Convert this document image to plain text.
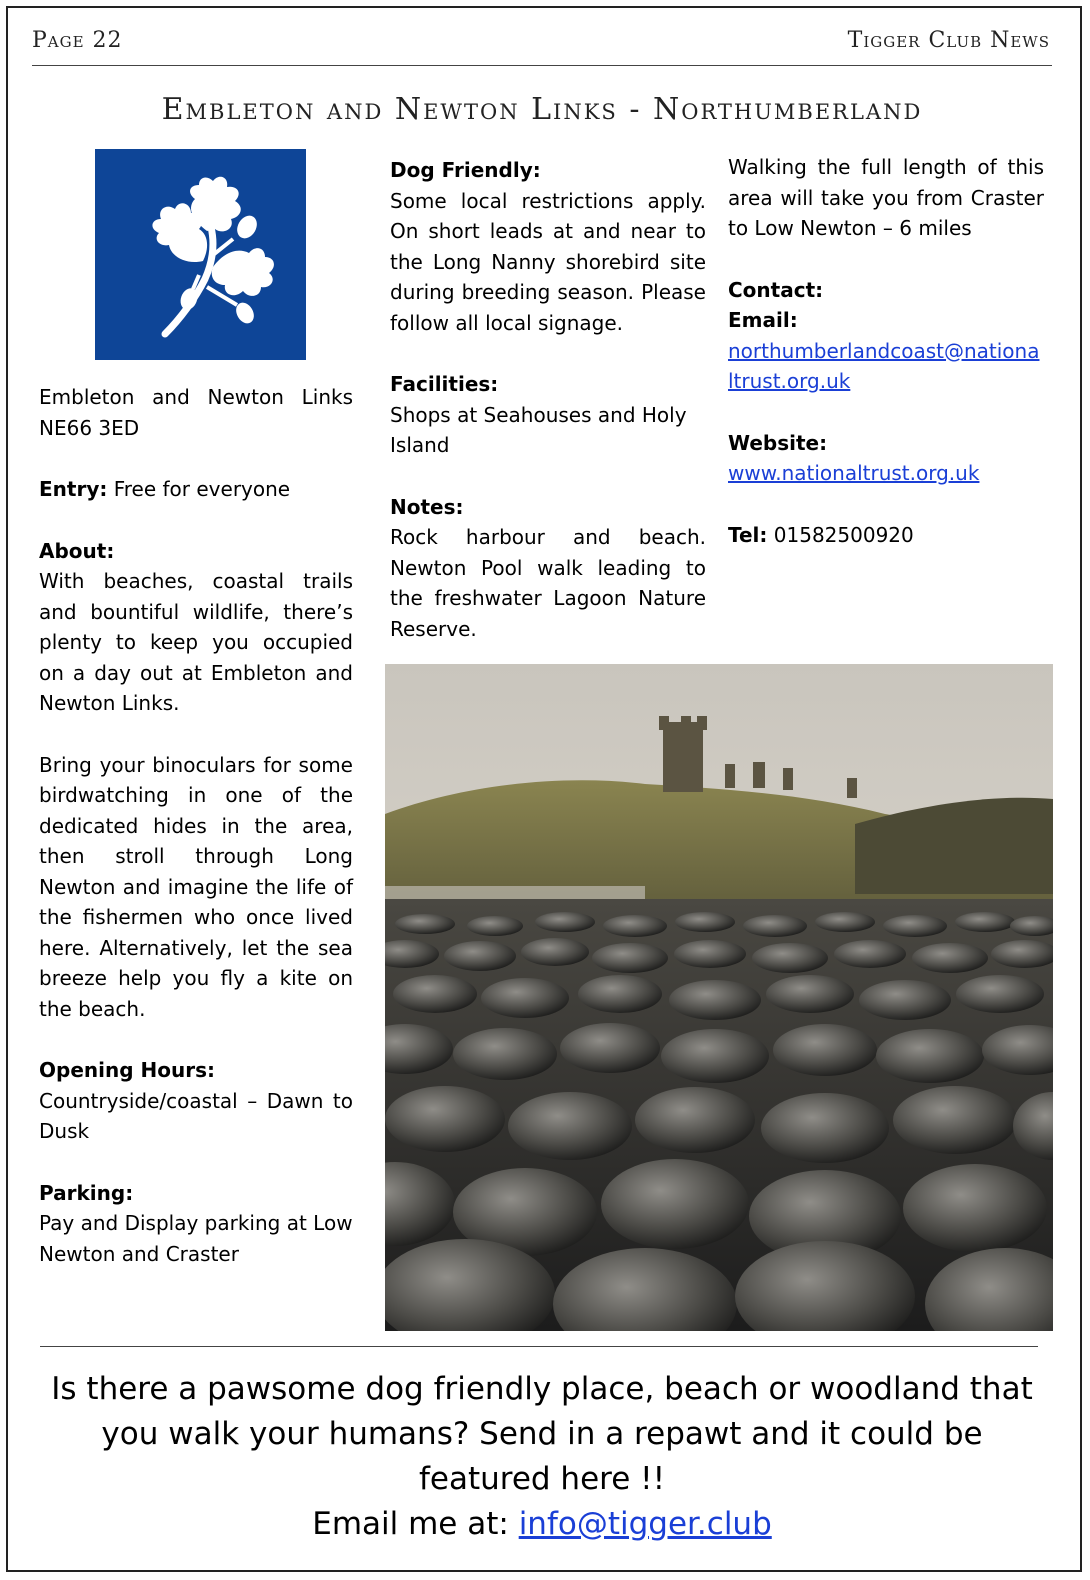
Page 22	Tigger Club News
Embleton and Newton Links - Northumberland

Embleton and Newton Links NE66 3ED

Entry: Free for everyone

About:

With beaches, coastal trails and bountiful wildlife, there’s plenty to keep you occupied on a day out at Embleton and Newton Links.

Bring your binoculars for some birdwatching in one of the dedicated hides in the area, then stroll through Long Newton and imagine the life of the fishermen who once lived here. Alternatively, let the sea breeze help you fly a kite on the beach.

Opening Hours:

Countryside/coastal – Dawn to Dusk

Parking:

Pay and Display parking at Low Newton and Craster

Dog Friendly:

Some local restrictions apply. On short leads at and near to the Long Nanny shorebird site during breeding season. Please follow all local signage.

Facilities:

Shops at Seahouses and Holy Island

Notes:

Rock harbour and beach. Newton Pool walk leading to the freshwater Lagoon Nature Reserve.

Walking the full length of this area will take you from Craster to Low Newton – 6 miles

Contact:

Email:

northumberlandcoast@nationaltrust.org.uk

Website:

www.nationaltrust.org.uk

Tel: 01582500920

Is there a pawsome dog friendly place, beach or woodland that you walk your humans? Send in a repawt and it could be featured here !!

Email me at: info@tigger.club
